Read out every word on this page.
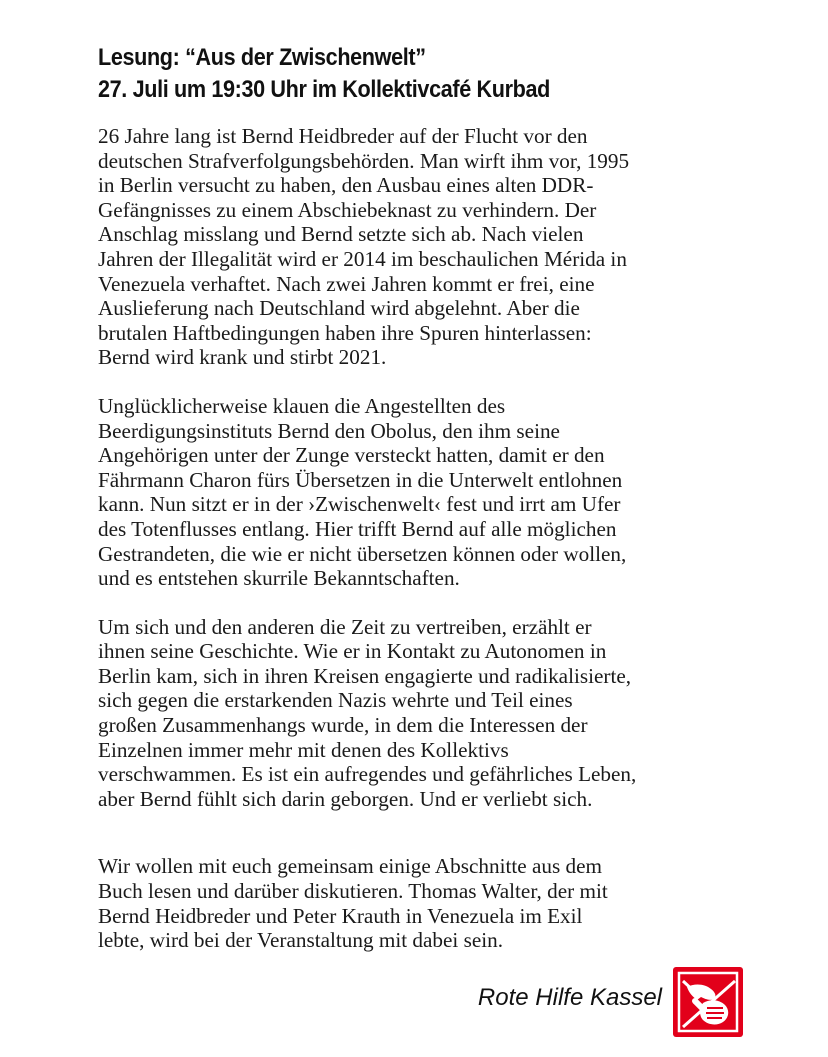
Lesung: “Aus der Zwischenwelt”
27. Juli um 19:30 Uhr im Kollektivcafé Kurbad

26 Jahre lang ist Bernd Heidbreder auf der Flucht vor den

deutschen Strafverfolgungsbehörden. Man wirft ihm vor, 1995

in Berlin versucht zu haben, den Ausbau eines alten DDR-

Gefängnisses zu einem Abschiebeknast zu verhindern. Der

Anschlag misslang und Bernd setzte sich ab. Nach vielen

Jahren der Illegalität wird er 2014 im beschaulichen Mérida in

Venezuela verhaftet. Nach zwei Jahren kommt er frei, eine

Auslieferung nach Deutschland wird abgelehnt. Aber die

brutalen Haftbedingungen haben ihre Spuren hinterlassen:

Bernd wird krank und stirbt 2021.

Unglücklicherweise klauen die Angestellten des

Beerdigungsinstituts Bernd den Obolus, den ihm seine

Angehörigen unter der Zunge versteckt hatten, damit er den

Fährmann Charon fürs Übersetzen in die Unterwelt entlohnen

kann. Nun sitzt er in der ›Zwischenwelt‹ fest und irrt am Ufer

des Totenflusses entlang. Hier trifft Bernd auf alle möglichen

Gestrandeten, die wie er nicht übersetzen können oder wollen,

und es entstehen skurrile Bekanntschaften.

Um sich und den anderen die Zeit zu vertreiben, erzählt er

ihnen seine Geschichte. Wie er in Kontakt zu Autonomen in

Berlin kam, sich in ihren Kreisen engagierte und radikalisierte,

sich gegen die erstarkenden Nazis wehrte und Teil eines

großen Zusammenhangs wurde, in dem die Interessen der

Einzelnen immer mehr mit denen des Kollektivs

verschwammen. Es ist ein aufregendes und gefährliches Leben,

aber Bernd fühlt sich darin geborgen. Und er verliebt sich.

Wir wollen mit euch gemeinsam einige Abschnitte aus dem

Buch lesen und darüber diskutieren. Thomas Walter, der mit

Bernd Heidbreder und Peter Krauth in Venezuela im Exil

lebte, wird bei der Veranstaltung mit dabei sein.

Rote Hilfe Kassel
